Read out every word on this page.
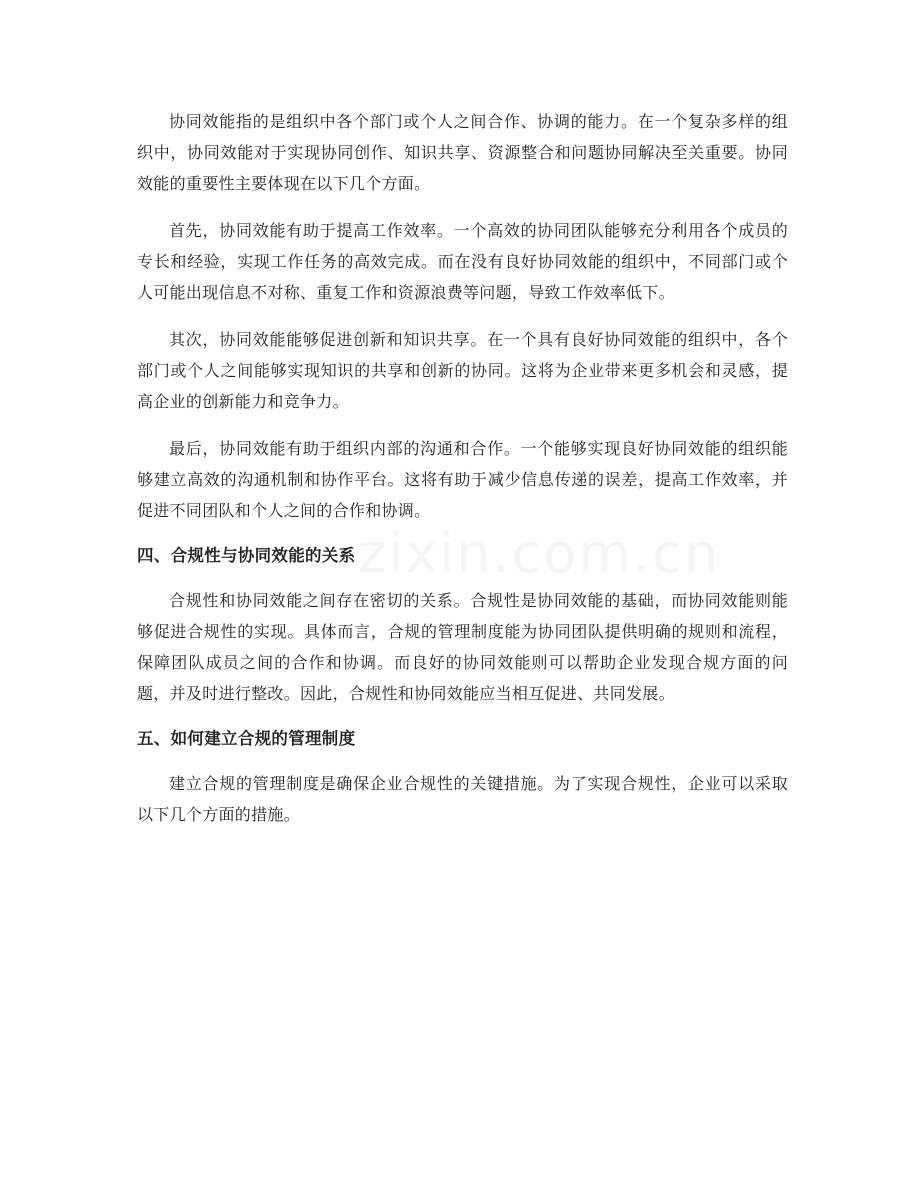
协同效能指的是组织中各个部门或个人之间合作、协调的能力。在一个复杂多样的组织中，协同效能对于实现协同创作、知识共享、资源整合和问题协同解决至关重要。协同效能的重要性主要体现在以下几个方面。

首先，协同效能有助于提高工作效率。一个高效的协同团队能够充分利用各个成员的专长和经验，实现工作任务的高效完成。而在没有良好协同效能的组织中，不同部门或个人可能出现信息不对称、重复工作和资源浪费等问题，导致工作效率低下。

其次，协同效能能够促进创新和知识共享。在一个具有良好协同效能的组织中，各个部门或个人之间能够实现知识的共享和创新的协同。这将为企业带来更多机会和灵感，提高企业的创新能力和竞争力。

最后，协同效能有助于组织内部的沟通和合作。一个能够实现良好协同效能的组织能够建立高效的沟通机制和协作平台。这将有助于减少信息传递的误差，提高工作效率，并促进不同团队和个人之间的合作和协调。

四、合规性与协同效能的关系

合规性和协同效能之间存在密切的关系。合规性是协同效能的基础，而协同效能则能够促进合规性的实现。具体而言，合规的管理制度能为协同团队提供明确的规则和流程，保障团队成员之间的合作和协调。而良好的协同效能则可以帮助企业发现合规方面的问题，并及时进行整改。因此，合规性和协同效能应当相互促进、共同发展。

五、如何建立合规的管理制度

建立合规的管理制度是确保企业合规性的关键措施。为了实现合规性，企业可以采取以下几个方面的措施。

zixin.com.cn
